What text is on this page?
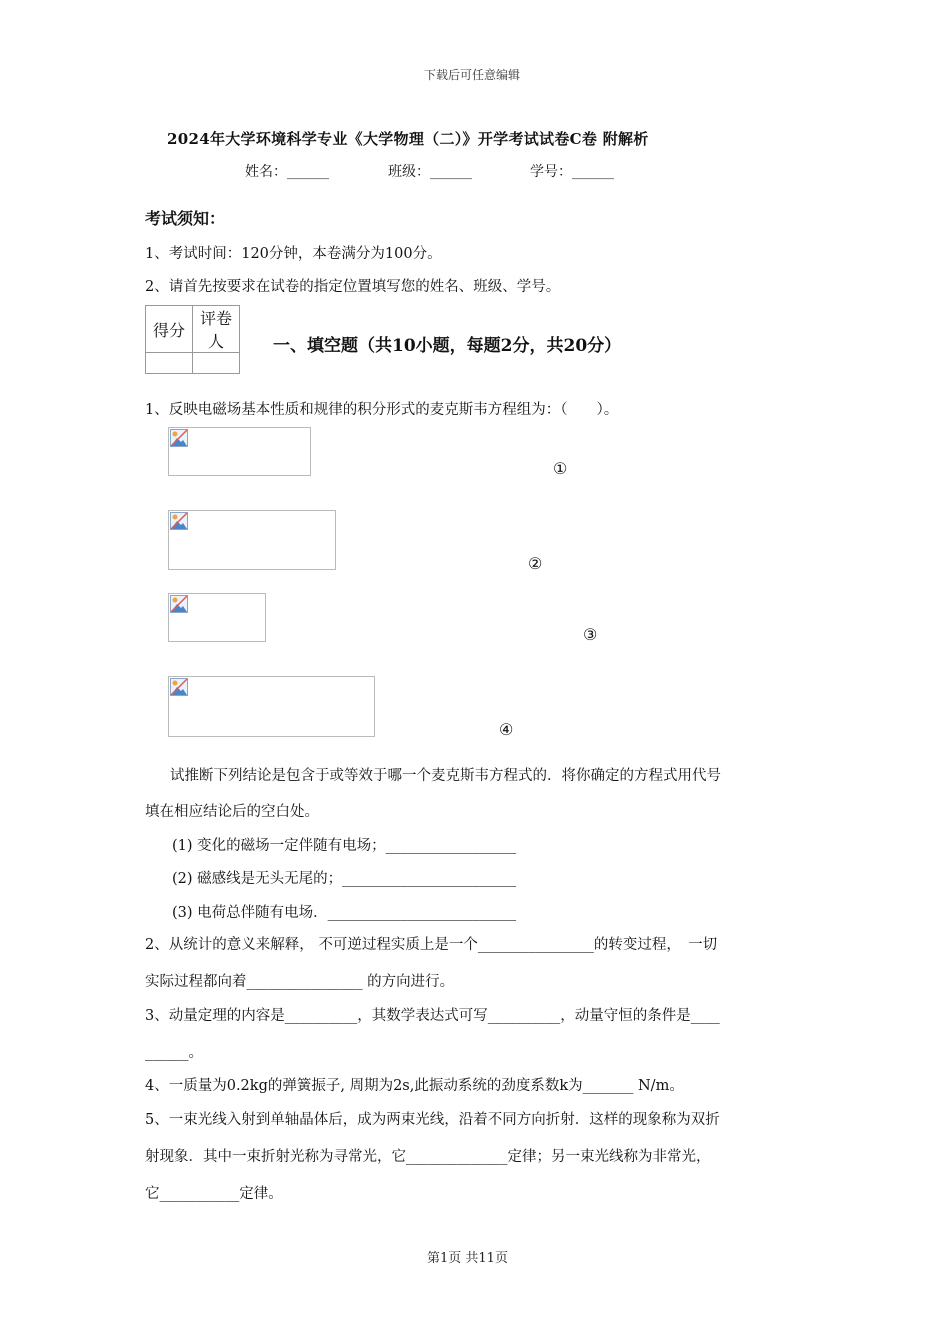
下载后可任意编辑
2024年大学环境科学专业《大学物理（二）》开学考试试卷C卷 附解析
姓名：______	班级：______	学号：______
考试须知：
1、考试时间：120分钟，本卷满分为100分。
2、请首先按要求在试卷的指定位置填写您的姓名、班级、学号。
得分	评卷人
		一、填空题（共10小题，每题2分，共20分）
1、反映电磁场基本性质和规律的积分形式的麦克斯韦方程组为：（　　）。
①
②
③
④
试推断下列结论是包含于或等效于哪一个麦克斯韦方程式的．将你确定的方程式用代号
填在相应结论后的空白处。
(1) 变化的磁场一定伴随有电场；__________________
(2) 磁感线是无头无尾的；________________________
(3) 电荷总伴随有电场．__________________________
2、从统计的意义来解释， 不可逆过程实质上是一个________________的转变过程，　一切
实际过程都向着________________ 的方向进行。
3、动量定理的内容是__________，其数学表达式可写__________，动量守恒的条件是____
______。
4、一质量为0.2kg的弹簧振子, 周期为2s,此振动系统的劲度系数k为_______ N/m。
5、一束光线入射到单轴晶体后，成为两束光线，沿着不同方向折射．这样的现象称为双折
射现象．其中一束折射光称为寻常光，它______________定律；另一束光线称为非常光，
它___________定律。
第1页 共11页
